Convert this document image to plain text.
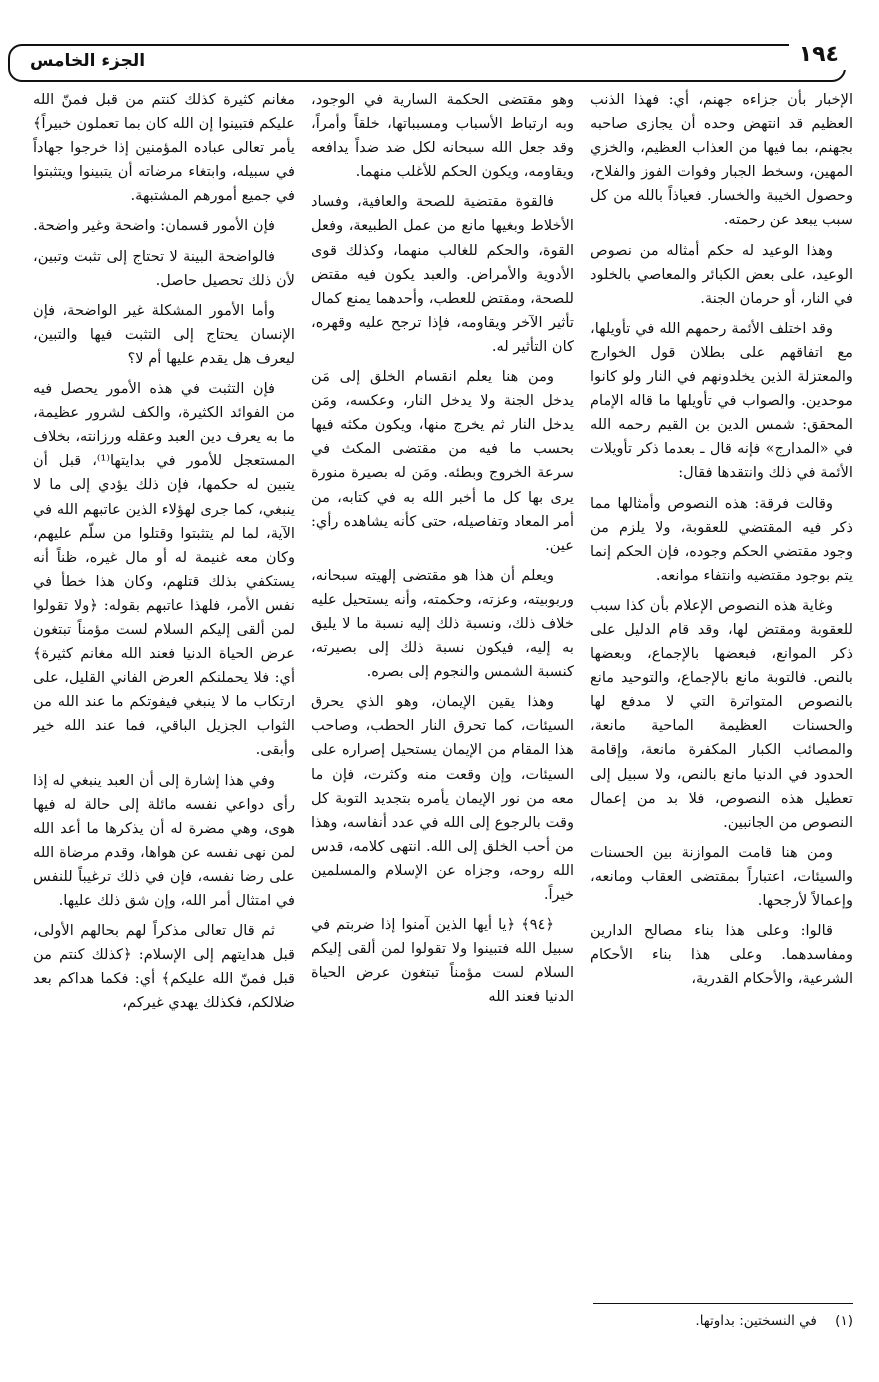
١٩٤
الجزء الخامس

الإخبار بأن جزاءه جهنم، أي: فهذا الذنب العظيم قد انتهض وحده أن يجازى صاحبه بجهنم، بما فيها من العذاب العظيم، والخزي المهين، وسخط الجبار وفوات الفوز والفلاح، وحصول الخيبة والخسار. فعياذاً بالله من كل سبب يبعد عن رحمته.

وهذا الوعيد له حكم أمثاله من نصوص الوعيد، على بعض الكبائر والمعاصي بالخلود في النار، أو حرمان الجنة.

وقد اختلف الأئمة رحمهم الله في تأويلها، مع اتفاقهم على بطلان قول الخوارج والمعتزلة الذين يخلدونهم في النار ولو كانوا موحدين. والصواب في تأويلها ما قاله الإمام المحقق: شمس الدين بن القيم رحمه الله في «المدارج» فإنه قال ـ بعدما ذكر تأويلات الأئمة في ذلك وانتقدها فقال:

وقالت فرقة: هذه النصوص وأمثالها مما ذكر فيه المقتضي للعقوبة، ولا يلزم من وجود مقتضي الحكم وجوده، فإن الحكم إنما يتم بوجود مقتضيه وانتفاء موانعه.

وغاية هذه النصوص الإعلام بأن كذا سبب للعقوبة ومقتض لها، وقد قام الدليل على ذكر الموانع، فبعضها بالإجماع، وبعضها بالنص. فالتوبة مانع بالإجماع، والتوحيد مانع بالنصوص المتواترة التي لا مدفع لها والحسنات العظيمة الماحية مانعة، والمصائب الكبار المكفرة مانعة، وإقامة الحدود في الدنيا مانع بالنص، ولا سبيل إلى تعطيل هذه النصوص، فلا بد من إعمال النصوص من الجانبين.

ومن هنا قامت الموازنة بين الحسنات والسيئات، اعتباراً بمقتضى العقاب ومانعه، وإعمالاً لأرجحها.

قالوا: وعلى هذا بناء مصالح الدارين ومفاسدهما. وعلى هذا بناء الأحكام الشرعية، والأحكام القدرية،

وهو مقتضى الحكمة السارية في الوجود، وبه ارتباط الأسباب ومسبباتها، خلقاً وأمراً، وقد جعل الله سبحانه لكل ضد ضداً يدافعه ويقاومه، ويكون الحكم للأغلب منهما.

فالقوة مقتضية للصحة والعافية، وفساد الأخلاط وبغيها مانع من عمل الطبيعة، وفعل القوة، والحكم للغالب منهما، وكذلك قوى الأدوية والأمراض. والعبد يكون فيه مقتض للصحة، ومقتض للعطب، وأحدهما يمنع كمال تأثير الآخر ويقاومه، فإذا ترجح عليه وقهره، كان التأثير له.

ومن هنا يعلم انقسام الخلق إلى مَن يدخل الجنة ولا يدخل النار، وعكسه، ومَن يدخل النار ثم يخرج منها، ويكون مكثه فيها بحسب ما فيه من مقتضى المكث في سرعة الخروج وبطئه. ومَن له بصيرة منورة يرى بها كل ما أخبر الله به في كتابه، من أمر المعاد وتفاصيله، حتى كأنه يشاهده رأي: عين.

ويعلم أن هذا هو مقتضى إلهيته سبحانه، وربوبيته، وعزته، وحكمته، وأنه يستحيل عليه خلاف ذلك، ونسبة ذلك إليه نسبة ما لا يليق به إليه، فيكون نسبة ذلك إلى بصيرته، كنسبة الشمس والنجوم إلى بصره.

وهذا يقين الإيمان، وهو الذي يحرق السيئات، كما تحرق النار الحطب، وصاحب هذا المقام من الإيمان يستحيل إصراره على السيئات، وإن وقعت منه وكثرت، فإن ما معه من نور الإيمان يأمره بتجديد التوبة كل وقت بالرجوع إلى الله في عدد أنفاسه، وهذا من أحب الخلق إلى الله. انتهى كلامه، قدس الله روحه، وجزاه عن الإسلام والمسلمين خيراً.

﴿٩٤﴾ ﴿يا أيها الذين آمنوا إذا ضربتم في سبيل الله فتبينوا ولا تقولوا لمن ألقى إليكم السلام لست مؤمناً تبتغون عرض الحياة الدنيا فعند الله

مغانم كثيرة كذلك كنتم من قبل فمنّ الله عليكم فتبينوا إن الله كان بما تعملون خبيراً﴾ يأمر تعالى عباده المؤمنين إذا خرجوا جهاداً في سبيله، وابتغاء مرضاته أن يتبينوا ويتثبتوا في جميع أمورهم المشتبهة.

فإن الأمور قسمان: واضحة وغير واضحة.

فالواضحة البينة لا تحتاج إلى تثبت وتبين، لأن ذلك تحصيل حاصل.

وأما الأمور المشكلة غير الواضحة، فإن الإنسان يحتاج إلى التثبت فيها والتبين، ليعرف هل يقدم عليها أم لا؟

فإن التثبت في هذه الأمور يحصل فيه من الفوائد الكثيرة، والكف لشرور عظيمة، ما به يعرف دين العبد وعقله ورزانته، بخلاف المستعجل للأمور في بدايتها⁽¹⁾، قبل أن يتبين له حكمها، فإن ذلك يؤدي إلى ما لا ينبغي، كما جرى لهؤلاء الذين عاتبهم الله في الآية، لما لم يتثبتوا وقتلوا من سلّم عليهم، وكان معه غنيمة له أو مال غيره، ظناً أنه يستكفي بذلك قتلهم، وكان هذا خطأ في نفس الأمر، فلهذا عاتبهم بقوله: ﴿ولا تقولوا لمن ألقى إليكم السلام لست مؤمناً تبتغون عرض الحياة الدنيا فعند الله مغانم كثيرة﴾ أي: فلا يحملنكم العرض الفاني القليل، على ارتكاب ما لا ينبغي فيفوتكم ما عند الله من الثواب الجزيل الباقي، فما عند الله خير وأبقى.

وفي هذا إشارة إلى أن العبد ينبغي له إذا رأى دواعي نفسه مائلة إلى حالة له فيها هوى، وهي مضرة له أن يذكرها ما أعد الله لمن نهى نفسه عن هواها، وقدم مرضاة الله على رضا نفسه، فإن في ذلك ترغيباً للنفس في امتثال أمر الله، وإن شق ذلك عليها.

ثم قال تعالى مذكراً لهم بحالهم الأولى، قبل هدايتهم إلى الإسلام: ﴿كذلك كنتم من قبل فمنّ الله عليكم﴾ أي: فكما هداكم بعد ضلالكم، فكذلك يهدي غيركم،

(١) في النسختين: بداوتها.
